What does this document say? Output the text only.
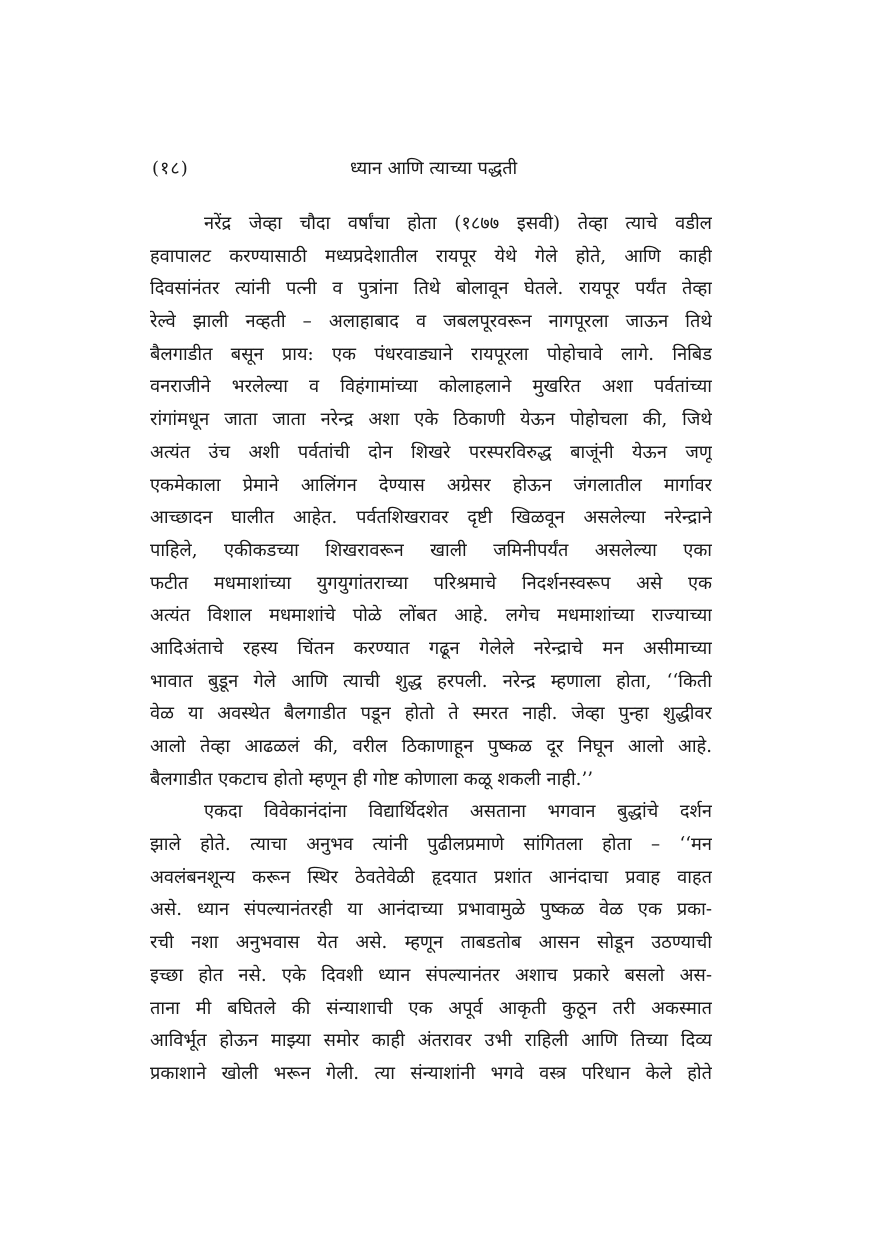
(१८)	ध्यान आणि त्याच्या पद्धती
नरेंद्र जेव्हा चौदा वर्षांचा होता (१८७७ इसवी) तेव्हा त्याचे वडील
हवापालट करण्यासाठी मध्यप्रदेशातील रायपूर येथे गेले होते, आणि काही
दिवसांनंतर त्यांनी पत्नी व पुत्रांना तिथे बोलावून घेतले. रायपूर पर्यंत तेव्हा
रेल्वे झाली नव्हती – अलाहाबाद व जबलपूरवरून नागपूरला जाऊन तिथे
बैलगाडीत बसून प्राय: एक पंधरवाड्याने रायपूरला पोहोचावे लागे. निबिड
वनराजीने भरलेल्या व विहंगामांच्या कोलाहलाने मुखरित अशा पर्वतांच्या
रांगांमधून जाता जाता नरेन्द्र अशा एके ठिकाणी येऊन पोहोचला की, जिथे
अत्यंत उंच अशी पर्वतांची दोन शिखरे परस्परविरुद्ध बाजूंनी येऊन जणू
एकमेकाला प्रेमाने आलिंगन देण्यास अग्रेसर होऊन जंगलातील मार्गावर
आच्छादन घालीत आहेत. पर्वतशिखरावर दृष्टी खिळवून असलेल्या नरेन्द्राने
पाहिले, एकीकडच्या शिखरावरून खाली जमिनीपर्यंत असलेल्या एका
फटीत मधमाशांच्या युगयुगांतराच्या परिश्रमाचे निदर्शनस्वरूप असे एक
अत्यंत विशाल मधमाशांचे पोळे लोंबत आहे. लगेच मधमाशांच्या राज्याच्या
आदिअंताचे रहस्य चिंतन करण्यात गढून गेलेले नरेन्द्राचे मन असीमाच्या
भावात बुडून गेले आणि त्याची शुद्ध हरपली. नरेन्द्र म्हणाला होता, ‘‘किती
वेळ या अवस्थेत बैलगाडीत पडून होतो ते स्मरत नाही. जेव्हा पुन्हा शुद्धीवर
आलो तेव्हा आढळलं की, वरील ठिकाणाहून पुष्कळ दूर निघून आलो आहे.
बैलगाडीत एकटाच होतो म्हणून ही गोष्ट कोणाला कळू शकली नाही.’’
एकदा विवेकानंदांना विद्यार्थिदशेत असताना भगवान बुद्धांचे दर्शन
झाले होते. त्याचा अनुभव त्यांनी पुढीलप्रमाणे सांगितला होता – ‘‘मन
अवलंबनशून्य करून स्थिर ठेवतेवेळी हृदयात प्रशांत आनंदाचा प्रवाह वाहत
असे. ध्यान संपल्यानंतरही या आनंदाच्या प्रभावामुळे पुष्कळ वेळ एक प्रका-
रची नशा अनुभवास येत असे. म्हणून ताबडतोब आसन सोडून उठण्याची
इच्छा होत नसे. एके दिवशी ध्यान संपल्यानंतर अशाच प्रकारे बसलो अस-
ताना मी बघितले की संन्याशाची एक अपूर्व आकृती कुठून तरी अकस्मात
आविर्भूत होऊन माझ्या समोर काही अंतरावर उभी राहिली आणि तिच्या दिव्य
प्रकाशाने खोली भरून गेली. त्या संन्याशांनी भगवे वस्त्र परिधान केले होते
